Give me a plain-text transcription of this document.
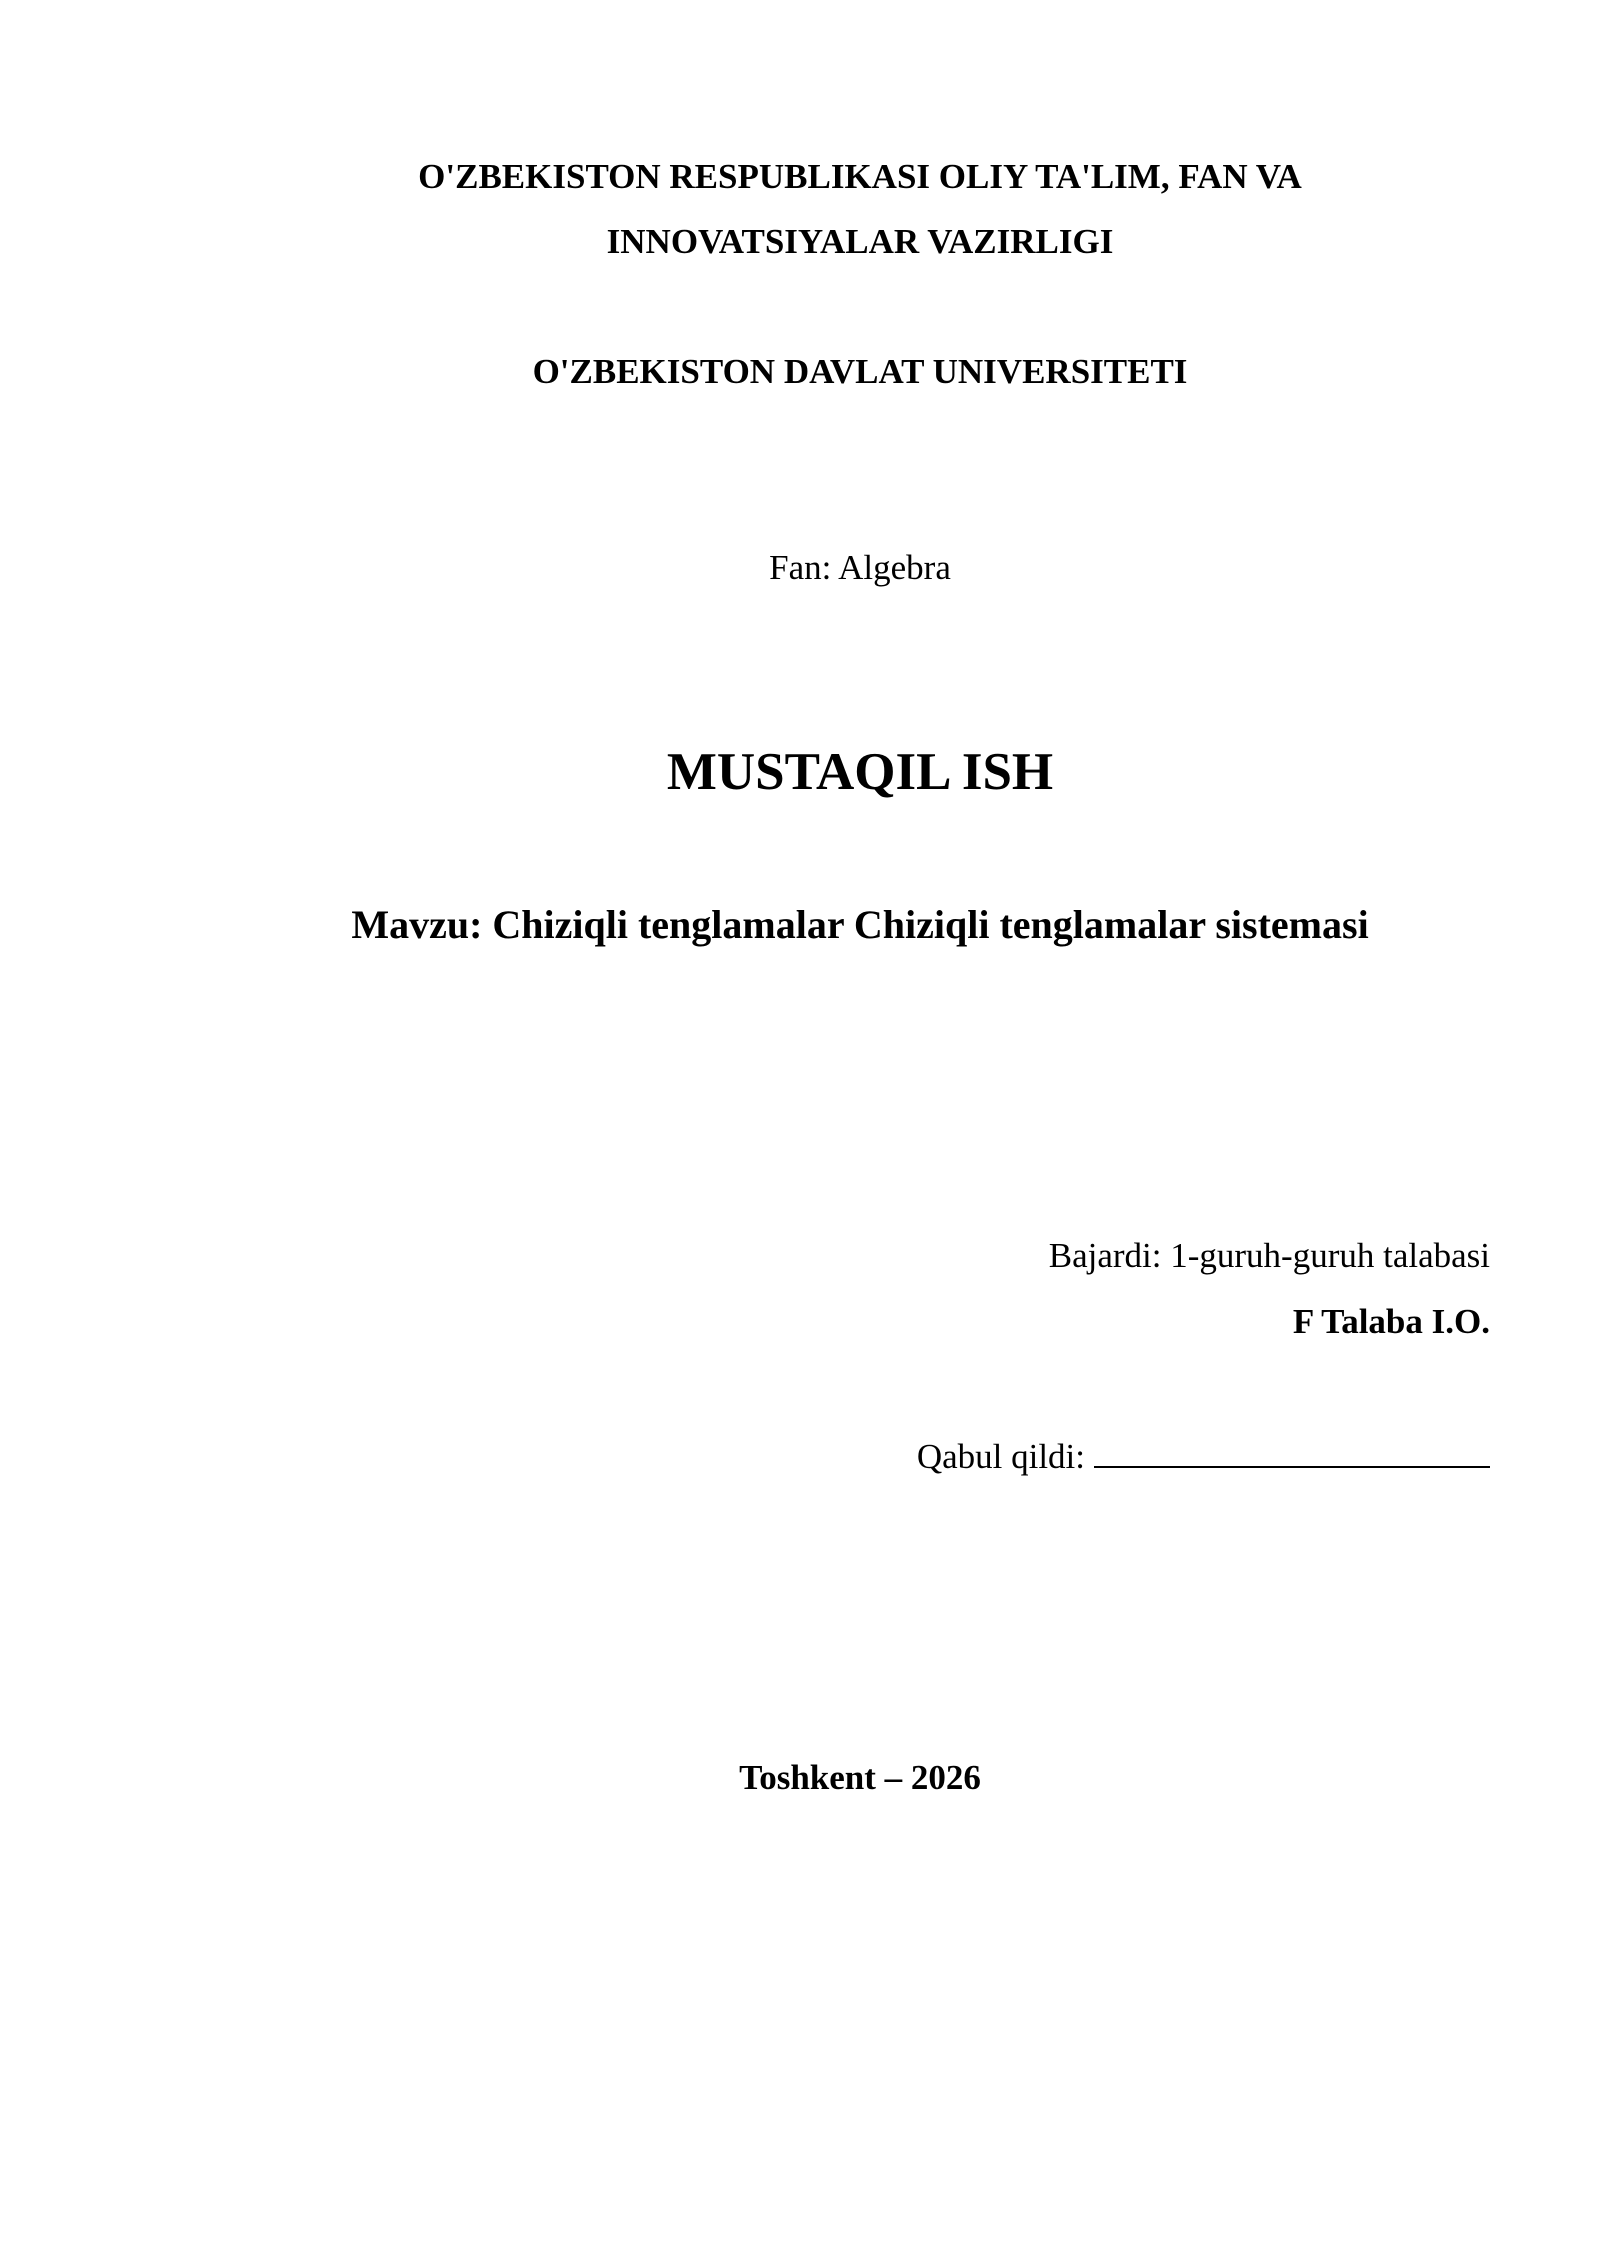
O'ZBEKISTON RESPUBLIKASI OLIY TA'LIM, FAN VA
INNOVATSIYALAR VAZIRLIGI
O'ZBEKISTON DAVLAT UNIVERSITETI
Fan: Algebra
MUSTAQIL ISH
Mavzu: Chiziqli tenglamalar Chiziqli tenglamalar sistemasi
Bajardi: 1-guruh-guruh talabasi
F Talaba I.O.
Qabul qildi:
Toshkent – 2026
